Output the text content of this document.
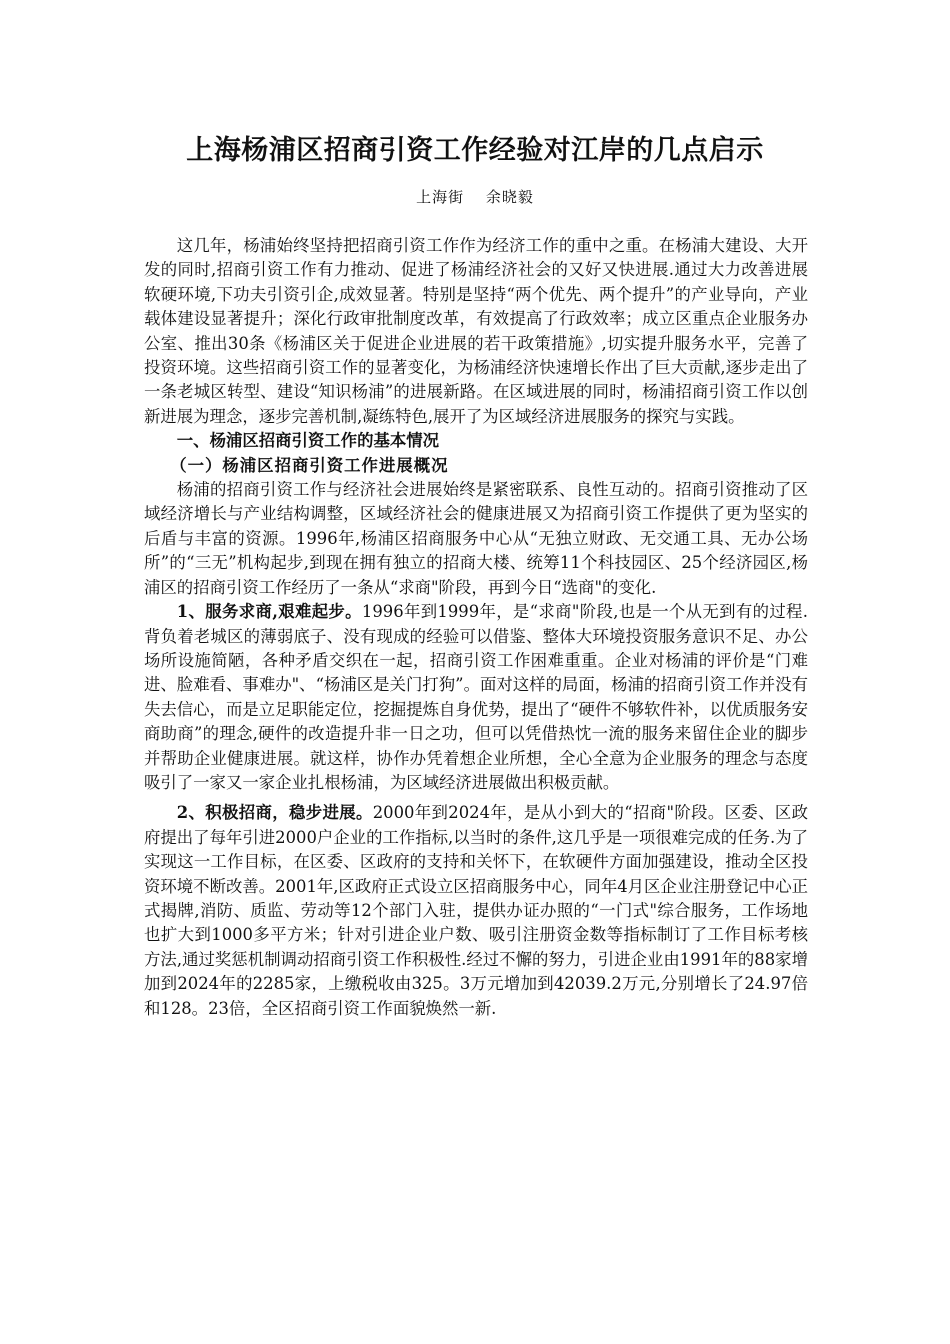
上海杨浦区招商引资工作经验对江岸的几点启示
上海街　 余晓毅

这几年，杨浦始终坚持把招商引资工作作为经济工作的重中之重。在杨浦大建设、大开发的同时,招商引资工作有力推动、促进了杨浦经济社会的又好又快进展.通过大力改善进展软硬环境,下功夫引资引企,成效显著。特别是坚持“两个优先、两个提升”的产业导向，产业载体建设显著提升；深化行政审批制度改革，有效提高了行政效率；成立区重点企业服务办公室、推出30条《杨浦区关于促进企业进展的若干政策措施》,切实提升服务水平，完善了投资环境。这些招商引资工作的显著变化，为杨浦经济快速增长作出了巨大贡献,逐步走出了一条老城区转型、建设“知识杨浦”的进展新路。在区域进展的同时，杨浦招商引资工作以创新进展为理念，逐步完善机制,凝练特色,展开了为区域经济进展服务的探究与实践。

一、杨浦区招商引资工作的基本情况

（一）杨浦区招商引资工作进展概况

杨浦的招商引资工作与经济社会进展始终是紧密联系、良性互动的。招商引资推动了区域经济增长与产业结构调整，区域经济社会的健康进展又为招商引资工作提供了更为坚实的后盾与丰富的资源。1996年,杨浦区招商服务中心从“无独立财政、无交通工具、无办公场所”的“三无”机构起步,到现在拥有独立的招商大楼、统筹11个科技园区、25个经济园区,杨浦区的招商引资工作经历了一条从“求商"阶段，再到今日“选商"的变化.

1、服务求商,艰难起步。1996年到1999年，是“求商"阶段,也是一个从无到有的过程.背负着老城区的薄弱底子、没有现成的经验可以借鉴、整体大环境投资服务意识不足、办公场所设施简陋，各种矛盾交织在一起，招商引资工作困难重重。企业对杨浦的评价是“门难进、脸难看、事难办"、“杨浦区是关门打狗”。面对这样的局面，杨浦的招商引资工作并没有失去信心，而是立足职能定位，挖掘提炼自身优势，提出了“硬件不够软件补，以优质服务安商助商”的理念,硬件的改造提升非一日之功，但可以凭借热忱一流的服务来留住企业的脚步并帮助企业健康进展。就这样，协作办凭着想企业所想，全心全意为企业服务的理念与态度吸引了一家又一家企业扎根杨浦，为区域经济进展做出积极贡献。

2、积极招商，稳步进展。2000年到2024年，是从小到大的“招商"阶段。区委、区政府提出了每年引进2000户企业的工作指标,以当时的条件,这几乎是一项很难完成的任务.为了实现这一工作目标，在区委、区政府的支持和关怀下，在软硬件方面加强建设，推动全区投资环境不断改善。2001年,区政府正式设立区招商服务中心，同年4月区企业注册登记中心正式揭牌,消防、质监、劳动等12个部门入驻，提供办证办照的“一门式"综合服务，工作场地也扩大到1000多平方米；针对引进企业户数、吸引注册资金数等指标制订了工作目标考核方法,通过奖惩机制调动招商引资工作积极性.经过不懈的努力，引进企业由1991年的88家增加到2024年的2285家，上缴税收由325。3万元增加到42039.2万元,分别增长了24.97倍和128。23倍，全区招商引资工作面貌焕然一新.
